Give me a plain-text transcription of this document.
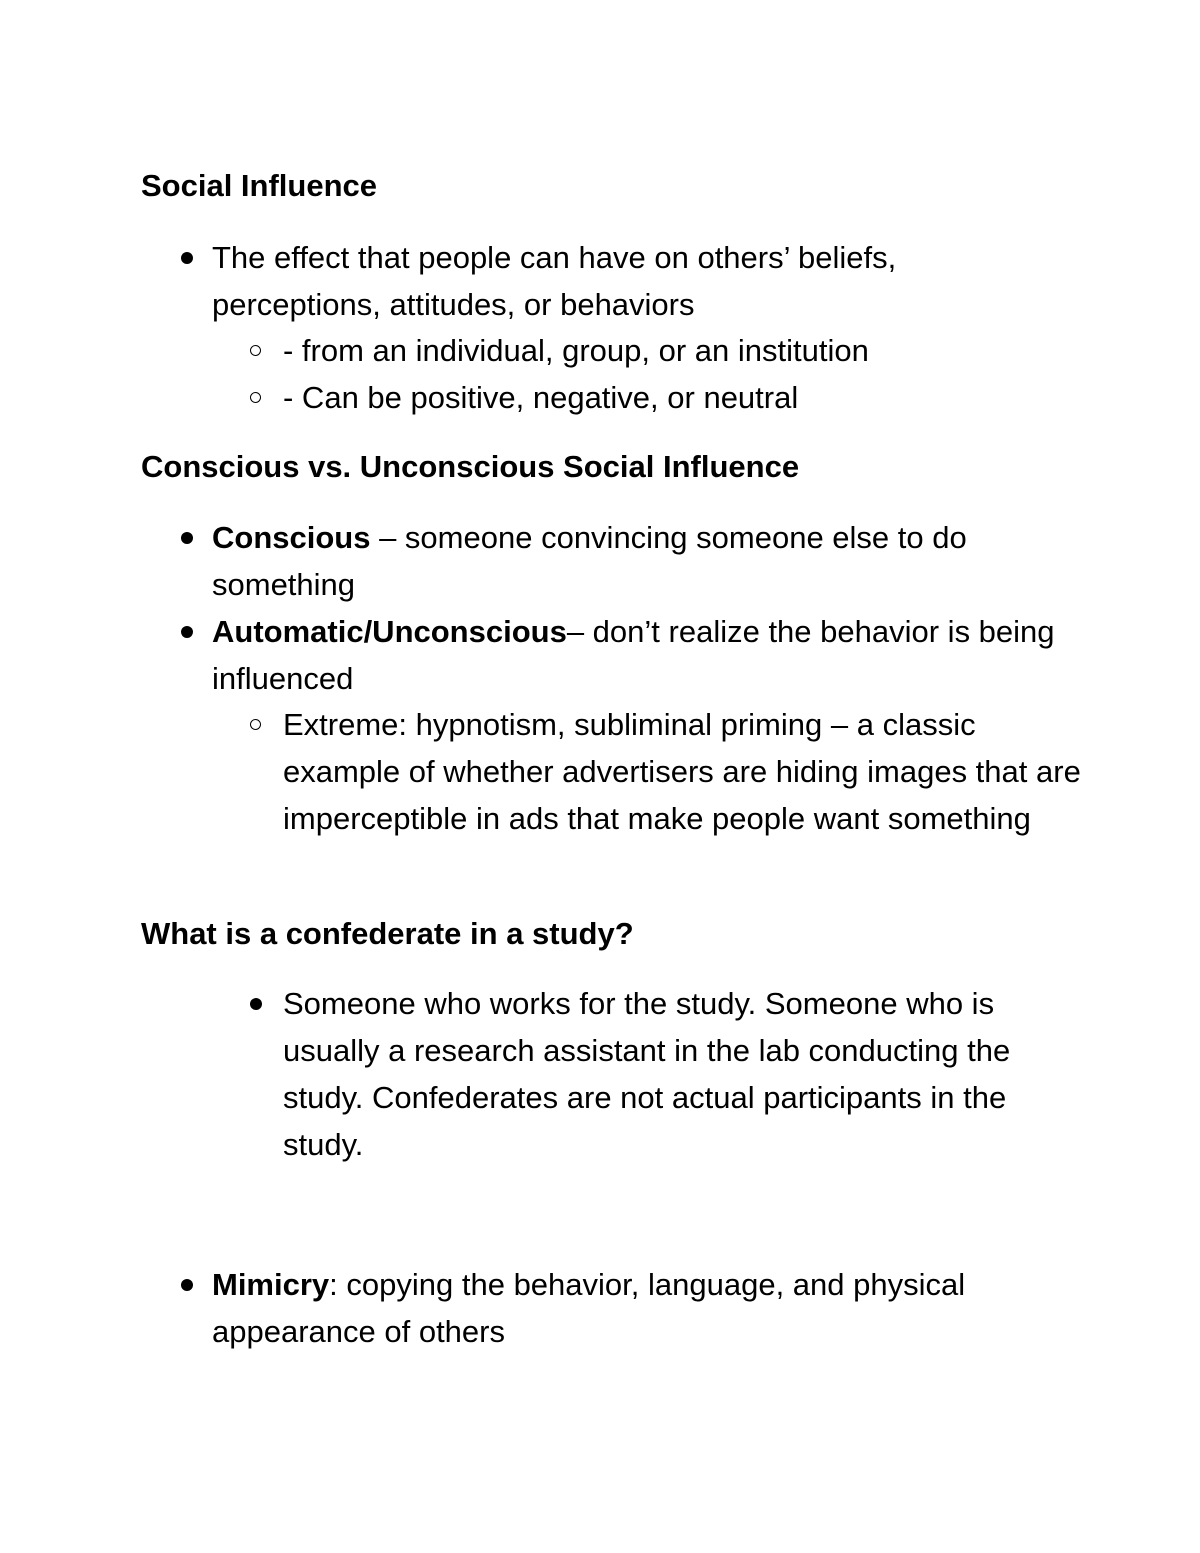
Social Influence

The effect that people can have on others’ beliefs, perceptions, attitudes, or behaviors

- from an individual, group, or an institution

- Can be positive, negative, or neutral

Conscious vs. Unconscious Social Influence

Conscious – someone convincing someone else to do something

Automatic/Unconscious– don’t realize the behavior is being influenced

Extreme: hypnotism, subliminal priming – a classic example of whether advertisers are hiding images that are imperceptible in ads that make people want something

What is a confederate in a study?

Someone who works for the study. Someone who is usually a research assistant in the lab conducting the study. Confederates are not actual participants in the study.

Mimicry: copying the behavior, language, and physical appearance of others
